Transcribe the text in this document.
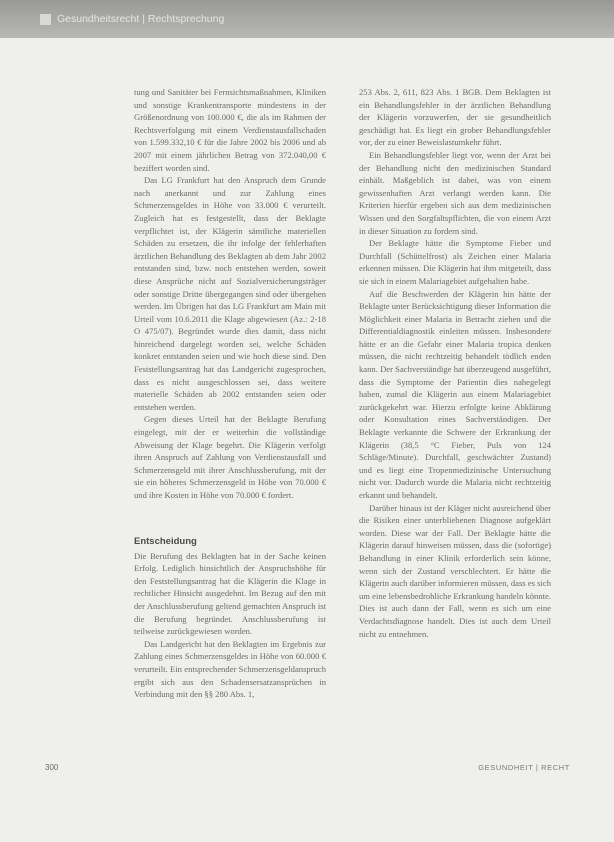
Gesundheitsrecht | Rechtsprechung

tung und Sanitäter bei Fernsichtsmaßnahmen, Kliniken und sonstige Krankentransporte mindestens in der Größenordnung von 100.000 €, die als im Rahmen der Rechtsverfolgung mit einem Verdienstausfallschaden von 1.599.332,10 € für die Jahre 2002 bis 2006 und ab 2007 mit einem jährlichen Betrag von 372.040,00 € beziffert worden sind.

Das LG Frankfurt hat den Anspruch dem Grunde nach anerkannt und zur Zahlung eines Schmerzensgeldes in Höhe von 33.000 € verurteilt. Zugleich hat es festgestellt, dass der Beklagte verpflichtet ist, der Klägerin sämtliche materiellen Schäden zu ersetzen, die ihr infolge der fehlerhaften ärztlichen Behandlung des Beklagten ab dem Jahr 2002 entstanden sind, bzw. noch entstehen werden, soweit diese Ansprüche nicht auf Sozialversicherungsträger oder sonstige Dritte übergegangen sind oder übergehen werden. Im Übrigen hat das LG Frankfurt am Main mit Urteil vom 10.6.2011 die Klage abgewiesen (Az.: 2-18 O 475/07). Begründet wurde dies damit, dass nicht hinreichend dargelegt worden sei, welche Schäden konkret entstanden seien und wie hoch diese sind. Den Feststellungsantrag hat das Landgericht zugesprochen, dass es nicht ausgeschlossen sei, dass weitere materielle Schäden ab 2002 entstanden seien oder entstehen werden.

Gegen dieses Urteil hat der Beklagte Berufung eingelegt, mit der er weiterhin die vollständige Abweisung der Klage begehrt. Die Klägerin verfolgt ihren Anspruch auf Zahlung von Verdienstausfall und Schmerzensgeld mit ihrer Anschlussberufung, mit der sie ein höheres Schmerzensgeld in Höhe von 70.000 € und ihre Kosten in Höhe von 70.000 € fordert.

Entscheidung

Die Berufung des Beklagten hat in der Sache keinen Erfolg. Lediglich hinsichtlich der Anspruchshöhe für den Feststellungsantrag hat die Klägerin die Klage in rechtlicher Hinsicht ausgedehnt. Im Bezug auf den mit der Anschlussberufung geltend gemachten Anspruch ist die Berufung begründet. Anschlussberufung ist teilweise zurückgewiesen worden.

Das Landgericht hat den Beklagten im Ergebnis zur Zahlung eines Schmerzensgeldes in Höhe von 60.000 € verurteilt. Ein entsprechender Schmerzensgeldanspruch ergibt sich aus den Schadensersatzansprüchen in Verbindung mit den §§ 280 Abs. 1,

253 Abs. 2, 611, 823 Abs. 1 BGB. Dem Beklagten ist ein Behandlungsfehler in der ärztlichen Behandlung der Klägerin vorzuwerfen, der sie gesundheitlich geschädigt hat. Es liegt ein grober Behandlungsfehler vor, der zu einer Beweislastumkehr führt.

Ein Behandlungsfehler liegt vor, wenn der Arzt bei der Behandlung nicht den medizinischen Standard einhält. Maßgeblich ist dabei, was von einem gewissenhaften Arzt verlangt werden kann. Die Kriterien hierfür ergeben sich aus dem medizinischen Wissen und den Sorgfaltspflichten, die von einem Arzt in dieser Situation zu fordern sind.

Der Beklagte hätte die Symptome Fieber und Durchfall (Schüttelfrost) als Zeichen einer Malaria erkennen müssen. Die Klägerin hat ihm mitgeteilt, dass sie sich in einem Malariagebiet aufgehalten habe.

Auf die Beschwerden der Klägerin hin hätte der Beklagte unter Berücksichtigung dieser Information die Möglichkeit einer Malaria in Betracht ziehen und die Differentialdiagnostik einleiten müssen. Insbesondere hätte er an die Gefahr einer Malaria tropica denken müssen, die nicht rechtzeitig behandelt tödlich enden kann. Der Sachverständige hat überzeugend ausgeführt, dass die Symptome der Patientin dies nahegelegt haben, zumal die Klägerin aus einem Malariagebiet zurückgekehrt war. Hierzu erfolgte keine Abklärung oder Konsultation eines Sachverständigen. Der Beklagte verkannte die Schwere der Erkrankung der Klägerin (38,5 °C Fieber, Puls von 124 Schläge/Minute). Durchfall, geschwächter Zustand) und es liegt eine Tropenmedizinische Untersuchung nicht vor. Dadurch wurde die Malaria nicht rechtzeitig erkannt und behandelt.

Darüber hinaus ist der Kläger nicht ausreichend über die Risiken einer unterbliebenen Diagnose aufgeklärt worden. Diese war der Fall. Der Beklagte hätte die Klägerin darauf hinweisen müssen, dass die (sofortige) Behandlung in einer Klinik erforderlich sein könne, wenn sich der Zustand verschlechtert. Er hätte die Klägerin auch darüber informieren müssen, dass es sich um eine lebensbedrohliche Erkrankung handeln könnte. Dies ist auch dann der Fall, wenn es sich um eine Verdachtsdiagnose handelt. Dies ist auch dem Urteil nicht zu entnehmen.

300	GESUNDHEIT | RECHT
